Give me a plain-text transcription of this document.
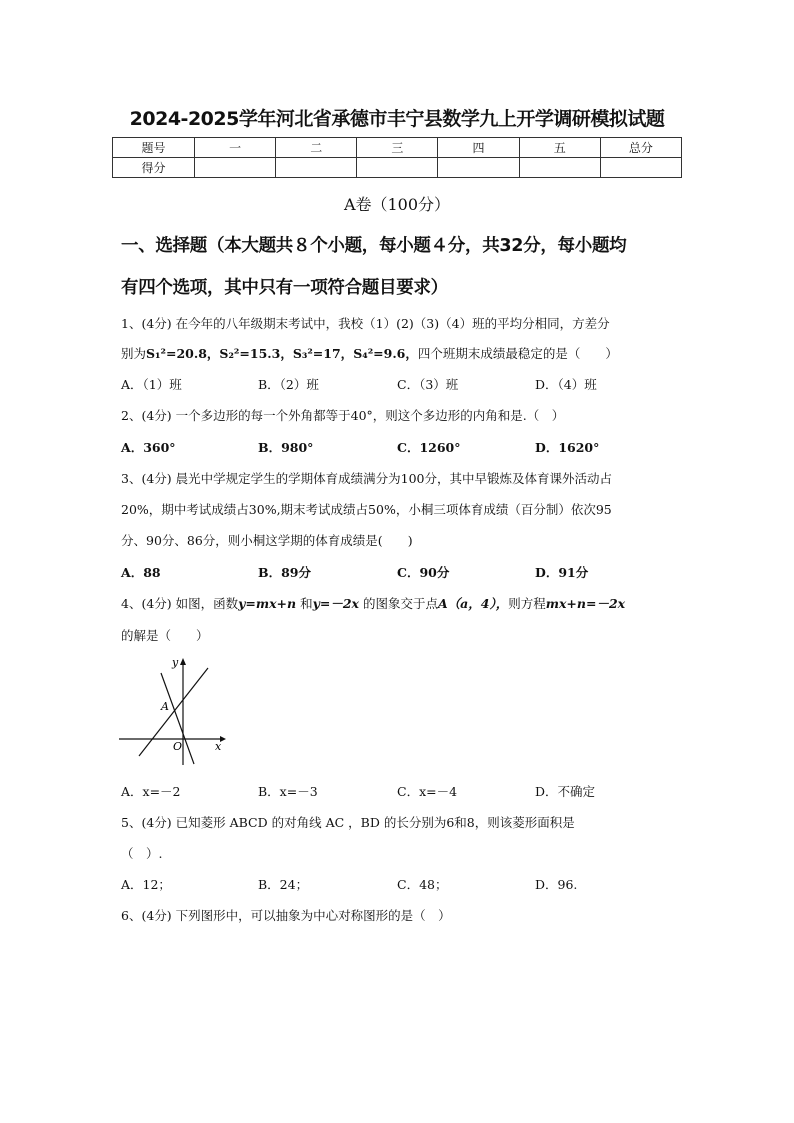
2024-2025学年河北省承德市丰宁县数学九上开学调研模拟试题
题号	一	二	三	四	五	总分
得分						
A卷（100分）
一、选择题（本大题共８个小题，每小题４分，共32分，每小题均
有四个选项，其中只有一项符合题目要求）
1、(4分) 在今年的八年级期末考试中，我校（1）(2)（3)（4）班的平均分相同，方差分
别为S₁²=20.8，S₂²=15.3，S₃²=17，S₄²=9.6，四个班期末成绩最稳定的是（　　）
A．（1）班	B．（2）班	C．（3）班	D．（4）班
2、(4分) 一个多边形的每一个外角都等于40°，则这个多边形的内角和是.（　）
A．360°	B．980°	C．1260°	D．1620°
3、(4分) 晨光中学规定学生的学期体育成绩满分为100分，其中早锻炼及体育课外活动占
20%，期中考试成绩占30%,期末考试成绩占50%，小桐三项体育成绩（百分制）依次95
分、90分、86分，则小桐这学期的体育成绩是(　　)
A．88	B．89分	C．90分	D．91分
4、(4分) 如图，函数y=mx+n 和y=－2x 的图象交于点A（a，4），则方程mx+n=－2x
的解是（　　）
y
x
A
O
A．x=－2	B．x=－3	C．x=－4	D．不确定
5、(4分) 已知菱形 ABCD 的对角线 AC ，BD 的长分别为6和8，则该菱形面积是
（　）.
A．12；	B．24；	C．48；	D．96.
6、(4分) 下列图形中，可以抽象为中心对称图形的是（　）
